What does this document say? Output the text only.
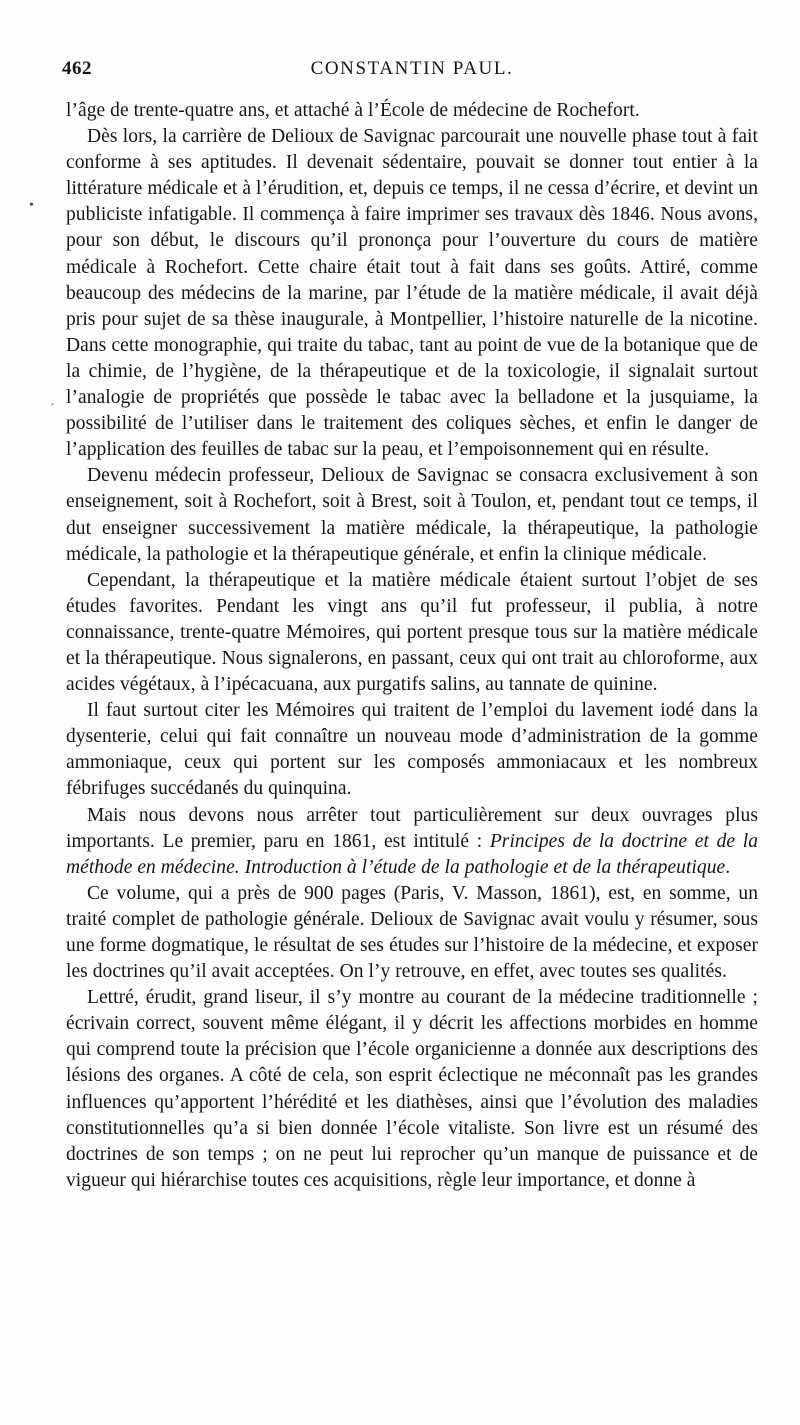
462	CONSTANTIN PAUL.
•
´

l’âge de trente-quatre ans, et attaché à l’École de médecine de Rochefort.

Dès lors, la carrière de Delioux de Savignac parcourait une nouvelle phase tout à fait conforme à ses aptitudes. Il devenait sédentaire, pouvait se donner tout entier à la littérature médicale et à l’érudition, et, depuis ce temps, il ne cessa d’écrire, et devint un publiciste infatigable. Il commença à faire imprimer ses travaux dès 1846. Nous avons, pour son début, le discours qu’il prononça pour l’ouverture du cours de matière médicale à Rochefort. Cette chaire était tout à fait dans ses goûts. Attiré, comme beaucoup des médecins de la marine, par l’étude de la matière médicale, il avait déjà pris pour sujet de sa thèse inaugurale, à Montpellier, l’histoire naturelle de la nicotine. Dans cette monographie, qui traite du tabac, tant au point de vue de la botanique que de la chimie, de l’hygiène, de la thérapeutique et de la toxicologie, il signalait surtout l’analogie de propriétés que possède le tabac avec la belladone et la jusquiame, la possibilité de l’utiliser dans le traitement des coliques sèches, et enfin le danger de l’application des feuilles de tabac sur la peau, et l’empoisonnement qui en résulte.

Devenu médecin professeur, Delioux de Savignac se consacra exclusivement à son enseignement, soit à Rochefort, soit à Brest, soit à Toulon, et, pendant tout ce temps, il dut enseigner successivement la matière médicale, la thérapeutique, la pathologie médicale, la pathologie et la thérapeutique générale, et enfin la clinique médicale.

Cependant, la thérapeutique et la matière médicale étaient surtout l’objet de ses études favorites. Pendant les vingt ans qu’il fut professeur, il publia, à notre connaissance, trente-quatre Mémoires, qui portent presque tous sur la matière médicale et la thérapeutique. Nous signalerons, en passant, ceux qui ont trait au chloroforme, aux acides végétaux, à l’ipécacuana, aux purgatifs salins, au tannate de quinine.

Il faut surtout citer les Mémoires qui traitent de l’emploi du lavement iodé dans la dysenterie, celui qui fait connaître un nouveau mode d’administration de la gomme ammoniaque, ceux qui portent sur les composés ammoniacaux et les nombreux fébrifuges succédanés du quinquina.

Mais nous devons nous arrêter tout particulièrement sur deux ouvrages plus importants. Le premier, paru en 1861, est intitulé : Principes de la doctrine et de la méthode en médecine. Introduction à l’étude de la pathologie et de la thérapeutique.

Ce volume, qui a près de 900 pages (Paris, V. Masson, 1861), est, en somme, un traité complet de pathologie générale. Delioux de Savignac avait voulu y résumer, sous une forme dogmatique, le résultat de ses études sur l’histoire de la médecine, et exposer les doctrines qu’il avait acceptées. On l’y retrouve, en effet, avec toutes ses qualités.

Lettré, érudit, grand liseur, il s’y montre au courant de la médecine traditionnelle ; écrivain correct, souvent même élégant, il y décrit les affections morbides en homme qui comprend toute la précision que l’école organicienne a donnée aux descriptions des lésions des organes. A côté de cela, son esprit éclectique ne méconnaît pas les grandes influences qu’apportent l’hérédité et les diathèses, ainsi que l’évolution des maladies constitutionnelles qu’a si bien donnée l’école vitaliste. Son livre est un résumé des doctrines de son temps ; on ne peut lui reprocher qu’un manque de puissance et de vigueur qui hiérarchise toutes ces acquisitions, règle leur importance, et donne à
